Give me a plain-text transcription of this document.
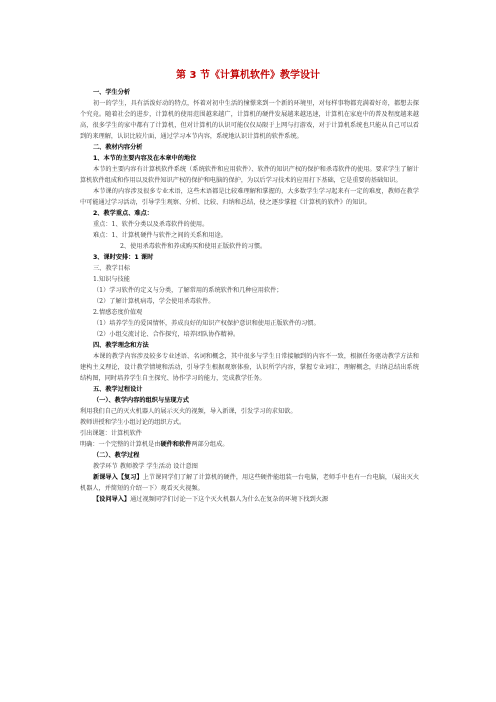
第 3 节《计算机软件》教学设计

一、学生分析

初一的学生，具有活泼好动的特点，怀着对初中生活的憧憬来到一个新的环境里，对每样事物都充满着好奇，都想去探个究竟。随着社会的进步，计算机的使用范围越来越广，计算机的硬件发展越来越迅速，计算机在家庭中的普及程度越来越高，很多学生的家中都有了计算机，但对计算机的认识可能仅仅局限于上网与打游戏，对于计算机系统也只能从自己可以看到的来理解，认识比较片面，通过学习本节内容，系统地认识计算机的软件系统。

二、教材内容分析

1、本节的主要内容及在本章中的地位

本节的主要内容有计算机软件系统（系统软件和应用软件）、软件的知识产权的保护和杀毒软件的使用。要求学生了解计算机软件组成和作用以及软件知识产权的保护和电脑的保护，为以后学习技术的应用打下基础，它是重要的基础知识。

本节课的内容涉及很多专业术语，这些术语都是比较难理解和掌握的，大多数学生学习起来有一定的难度，教师在教学中可能通过学习活动，引导学生观察、分析、比较、归纳和总结，使之逐步掌握《计算机的软件》的知识。

2、教学重点、难点：

重点：1、软件分类以及杀毒软件的使用。

难点：1、计算机硬件与软件之间的关系和用途。

2、使用杀毒软件和养成购买和使用正版软件的习惯。

3、课时安排：1 课时

三、教学目标

1.知识与技能

（1）学习软件的定义与分类，了解常用的系统软件和几种应用软件；

（2）了解计算机病毒，学会使用杀毒软件。

2.情感态度价值观

（1）培养学生的爱国情怀，养成良好的知识产权保护意识和使用正版软件的习惯。

（2）小组交流讨论、合作探究，培养团队协作精神。

四、教学理念和方法

本课的教学内容涉及较多专业述语、名词和概念，其中很多与学生日常接触到的内容不一致，根据任务驱动教学方法和建构主义理论，设计教学情境和活动，引导学生根据观察体验，认识所学内容，掌握专业词汇，理解概念，归纳总结出系统结构图，同时培养学生自主探究、协作学习的能力，完成教学任务。

五、教学过程设计

（一）、教学内容的组织与呈现方式

利用我们自己的灭火机器人的展示灭火的视频，导入新课，引发学习的求知欲。

教师讲授和学生小组讨论的组织方式。

引出课题：计算机软件

明确：一个完整的计算机是由硬件和软件两部分组成。

（二）、教学过程

教学环节 教师教学 学生活动 设计意图

新课导入【复习】上节课同学们了解了计算机的硬件，用这些硬件能组装一台电脑，老师手中也有一台电脑，（展出灭火机器人，并简短的介绍一下）观看灭火视频。

【设问导入】通过视频同学们讨论一下这个灭火机器人为什么在复杂的环境下找到火源
